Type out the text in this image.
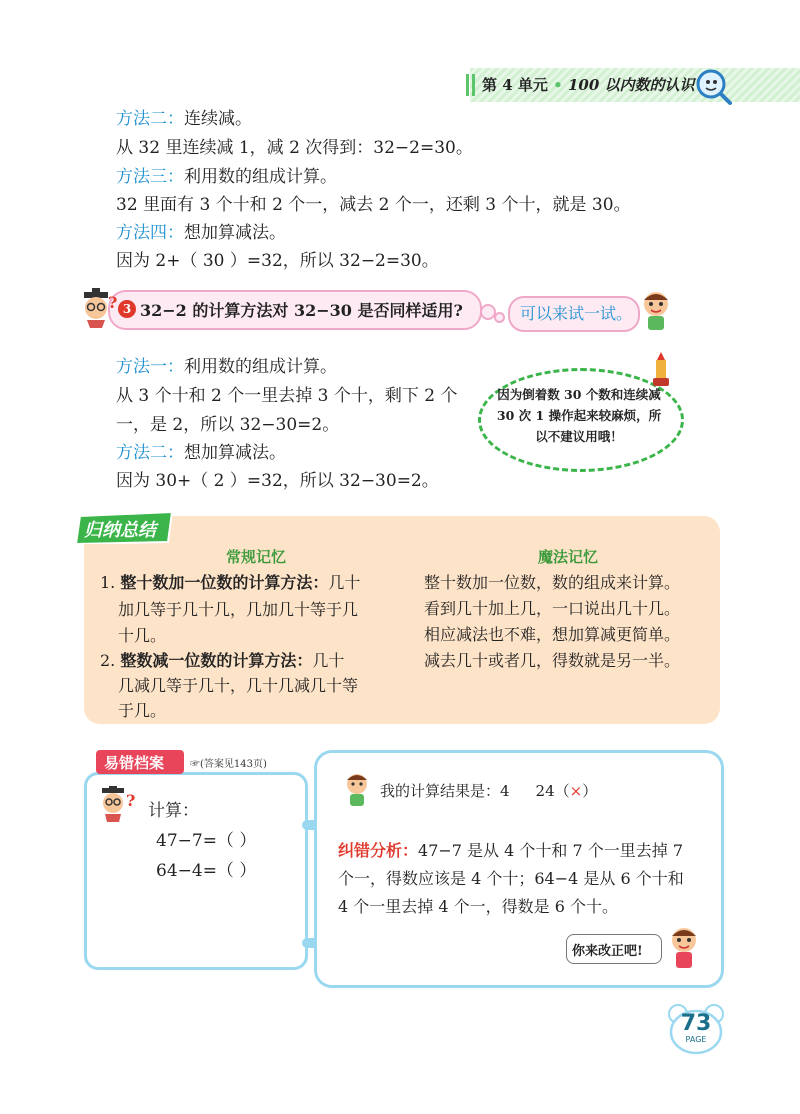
第 4 单元 • 100 以内数的认识
方法二：连续减。
从 32 里连续减 1，减 2 次得到：32−2=30。
方法三：利用数的组成计算。
32 里面有 3 个十和 2 个一，减去 2 个一，还剩 3 个十，就是 30。
方法四：想加算减法。
因为 2+（ 30 ）=32，所以 32−2=30。
? 3 32−2 的计算方法对 32−30 是否同样适用?	可以来试一试。
方法一：利用数的组成计算。
从 3 个十和 2 个一里去掉 3 个十，剩下 2 个
一，是 2，所以 32−30=2。
方法二：想加算减法。
因为 30+（ 2 ）=32，所以 32−30=2。
因为倒着数 30 个数和连续减 30 次 1 操作起来较麻烦，所以不建议用哦！
归纳总结
常规记忆
1. 整十数加一位数的计算方法：几十
加几等于几十几，几加几十等于几
十几。
2. 整数减一位数的计算方法：几十
几减几等于几十，几十几减几十等
于几。
魔法记忆
整十数加一位数，数的组成来计算。
看到几十加上几，一口说出几十几。
相应减法也不难，想加算减更简单。
减去几十或者几，得数就是另一半。
易错档案	☞(答案见143页)
?
计算：
47−7=（ ）
64−4=（ ）
我的计算结果是：4 24（×）
纠错分析：47−7 是从 4 个十和 7 个一里去掉 7
个一，得数应该是 4 个十；64−4 是从 6 个十和
4 个一里去掉 4 个一，得数是 6 个十。
你来改正吧!
73
PAGE
